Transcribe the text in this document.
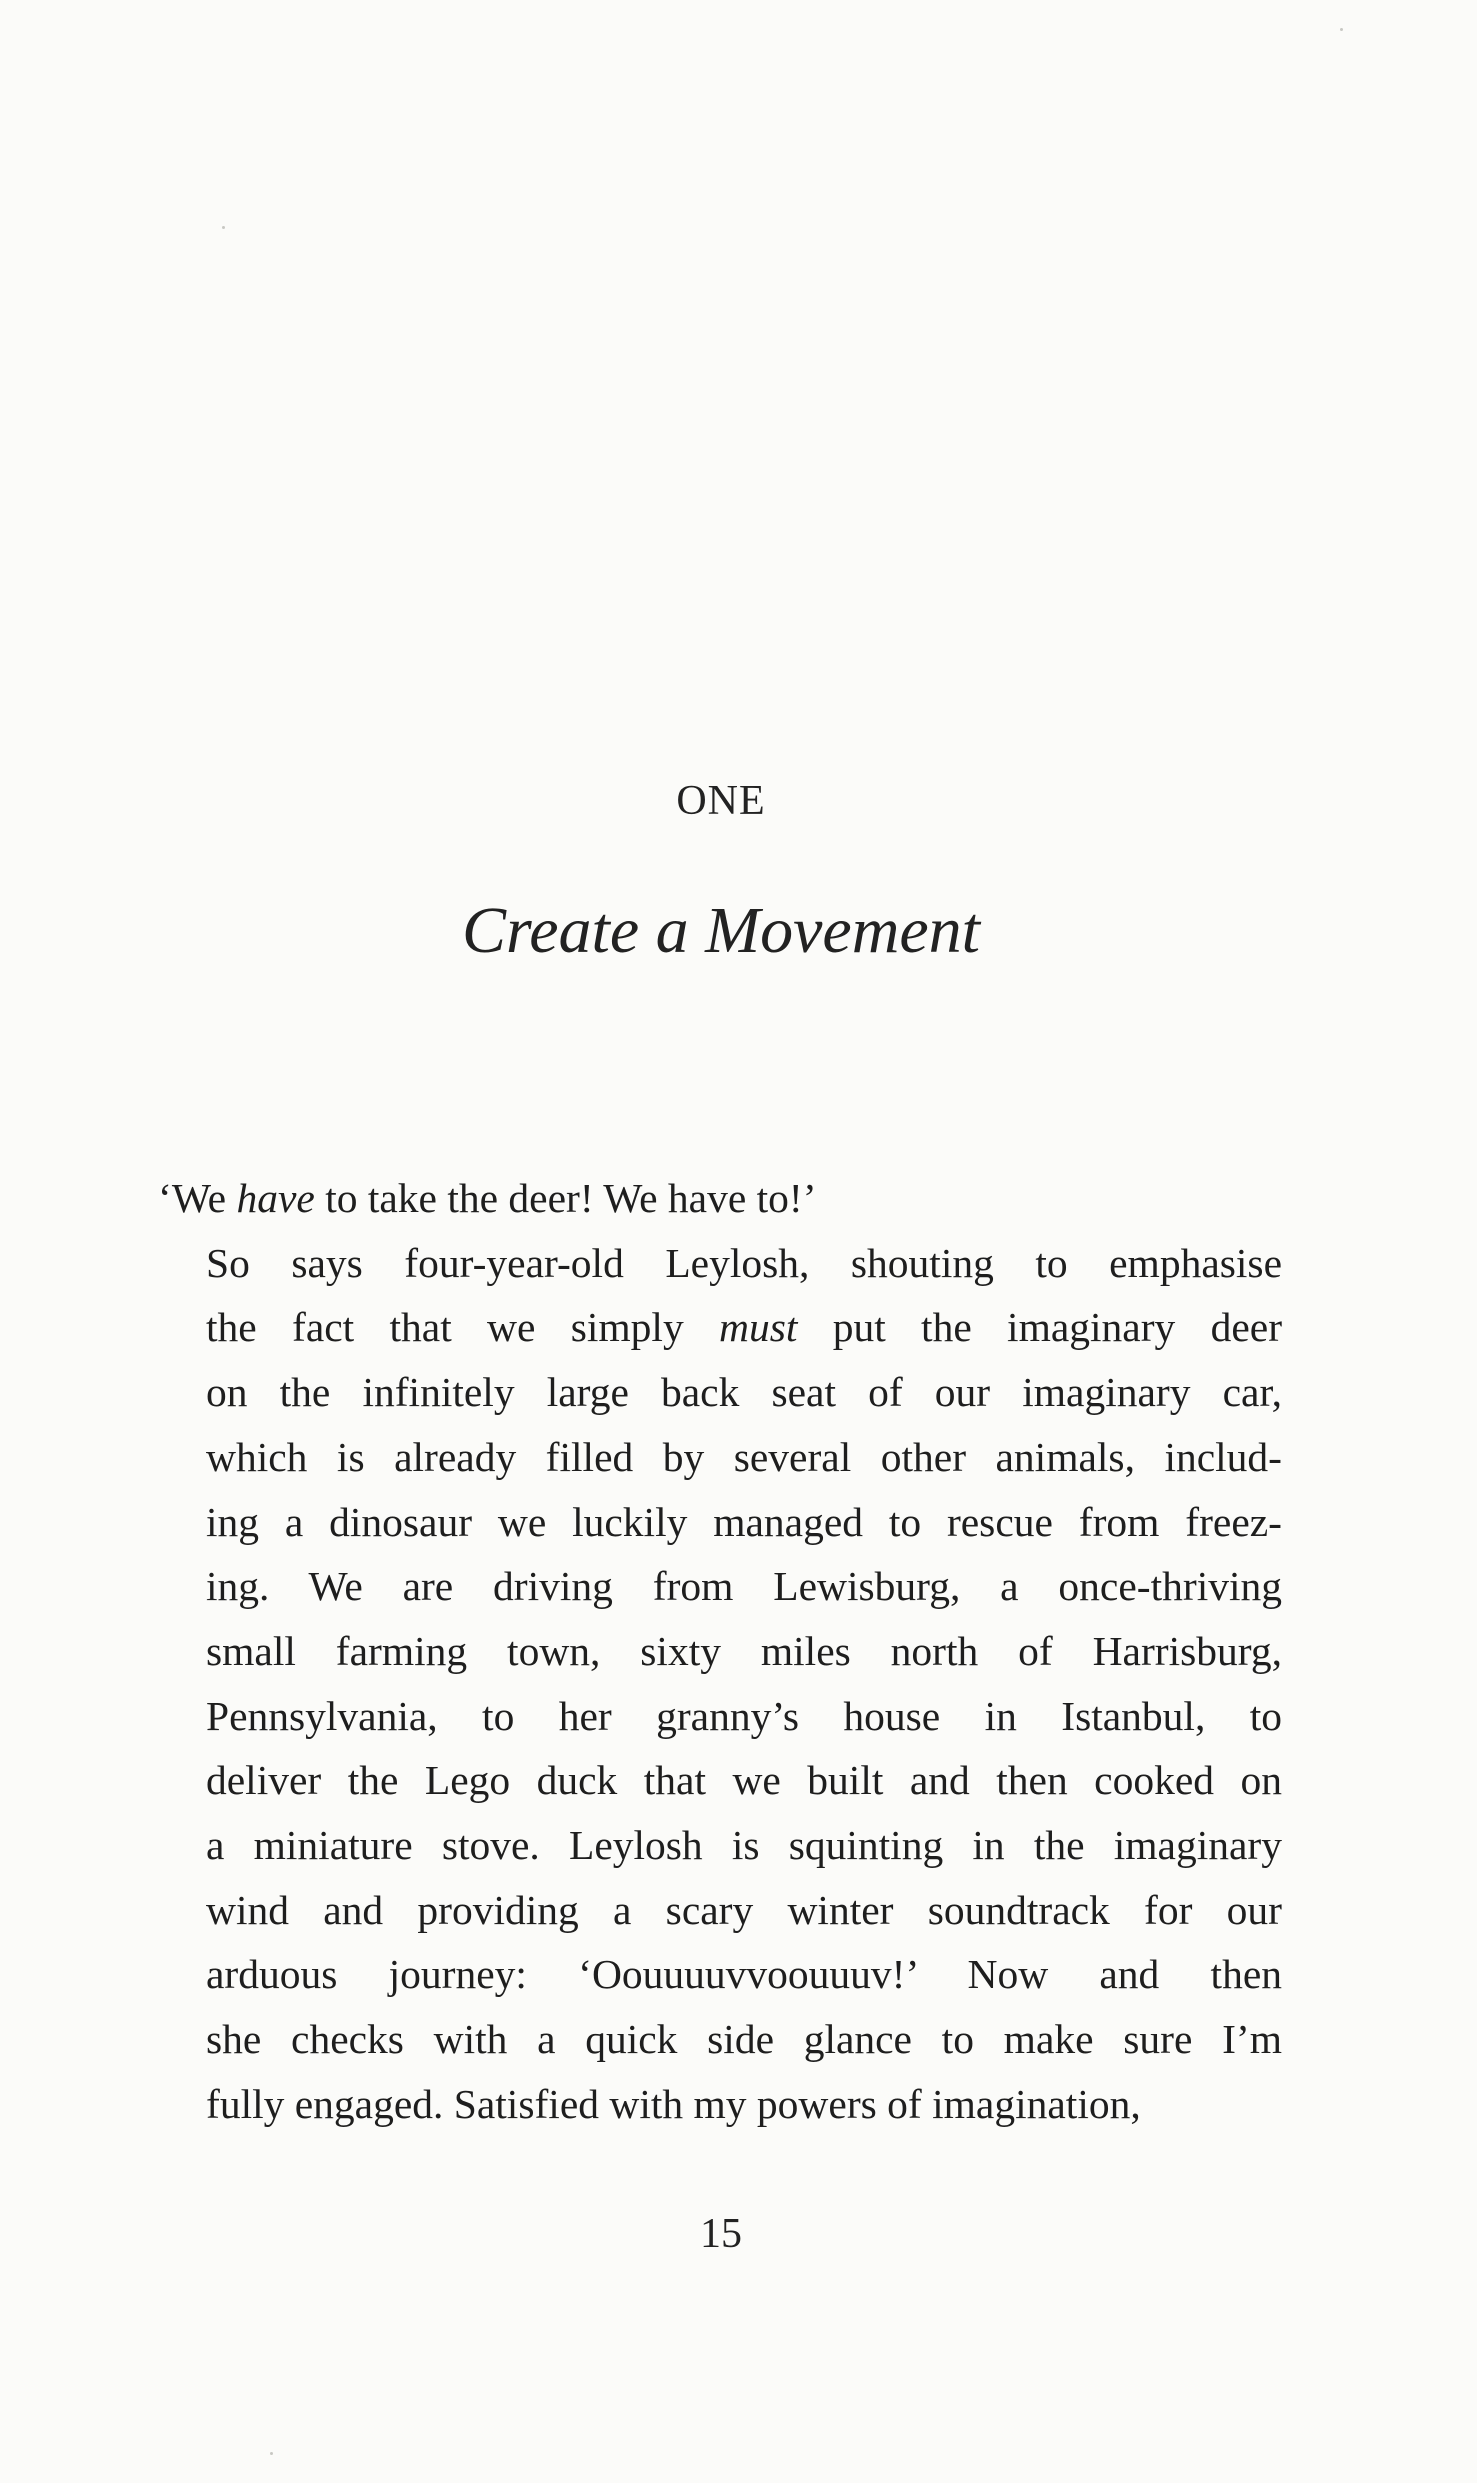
ONE
Create a Movement

‘We have to take the deer! We have to!’

So says four-year-old Leylosh, shouting to emphasise
the fact that we simply must put the imaginary deer
on the infinitely large back seat of our imaginary car,
which is already filled by several other animals, includ-
ing a dinosaur we luckily managed to rescue from freez-
ing. We are driving from Lewisburg, a once-thriving
small farming town, sixty miles north of Harrisburg,
Pennsylvania, to her granny’s house in Istanbul, to
deliver the Lego duck that we built and then cooked on
a miniature stove. Leylosh is squinting in the imaginary
wind and providing a scary winter soundtrack for our
arduous journey: ‘Oouuuuvvoouuuv!’ Now and then
she checks with a quick side glance to make sure I’m
fully engaged. Satisfied with my powers of imagination,

15
